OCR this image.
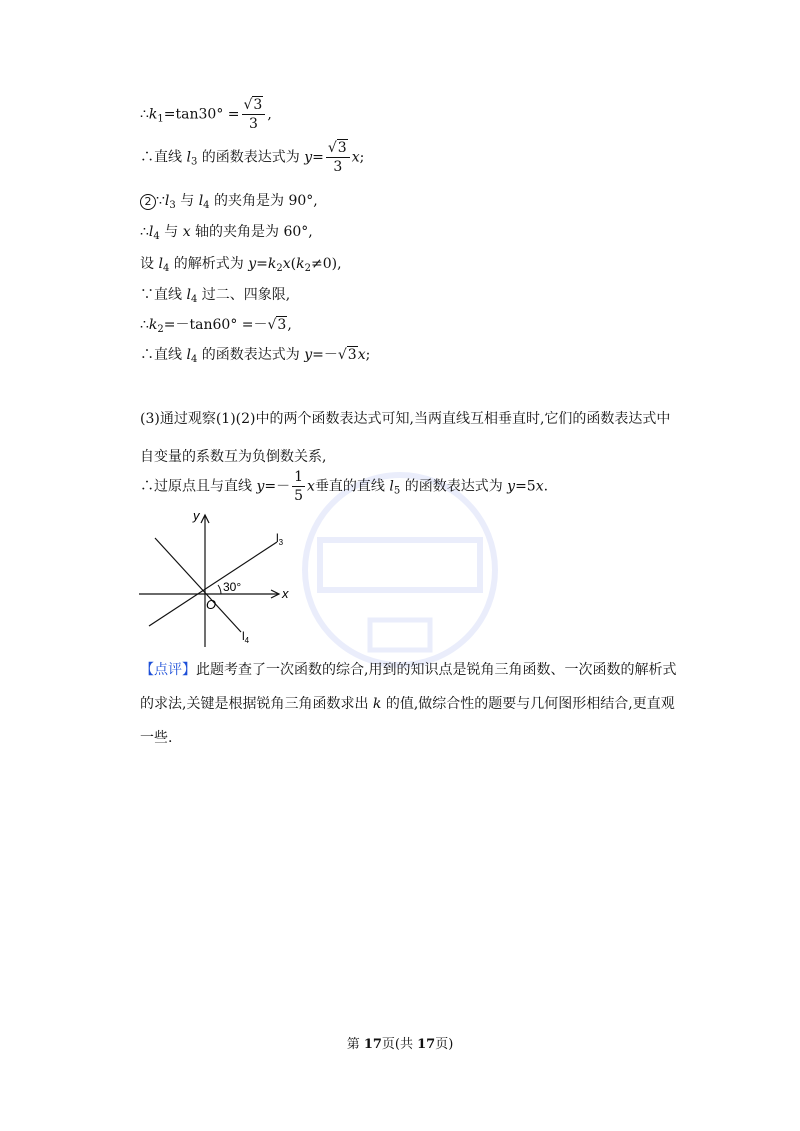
$\therefore k_1=\tan 30^\circ = \frac{√3}{3}$ ,
∴直线 $l_3$ 的函数表达式为 $y= \frac{√3}{3} x$;
2 $\because l_3$ 与 $l_4$ 的夹角是为 90°,
$\therefore l_4$ 与 x 轴的夹角是为 60°,
设 $l_4$ 的解析式为 $y=k_2x(k_2\ne 0)$,
∵直线 $l_4$ 过二、四象限,
$\therefore k_2=-\tan 60^\circ =-√3$,
∴直线 $l_4$ 的函数表达式为 y=－√3x;
(3)通过观察(1)(2)中的两个函数表达式可知,当两直线互相垂直时,它们的函数表达式中自变量的系数互为负倒数关系,
∴过原点且与直线 $y=- \frac{1}{5}$ x垂直的直线 $l_5$ 的函数表达式为 y=5x.
y
x
O
30°
$l_3$
$l_4$
【点评】此题考查了一次函数的综合,用到的知识点是锐角三角函数、一次函数的解析式的求法,关键是根据锐角三角函数求出 k 的值,做综合性的题要与几何图形相结合,更直观一些.
第 17页(共 17页)
